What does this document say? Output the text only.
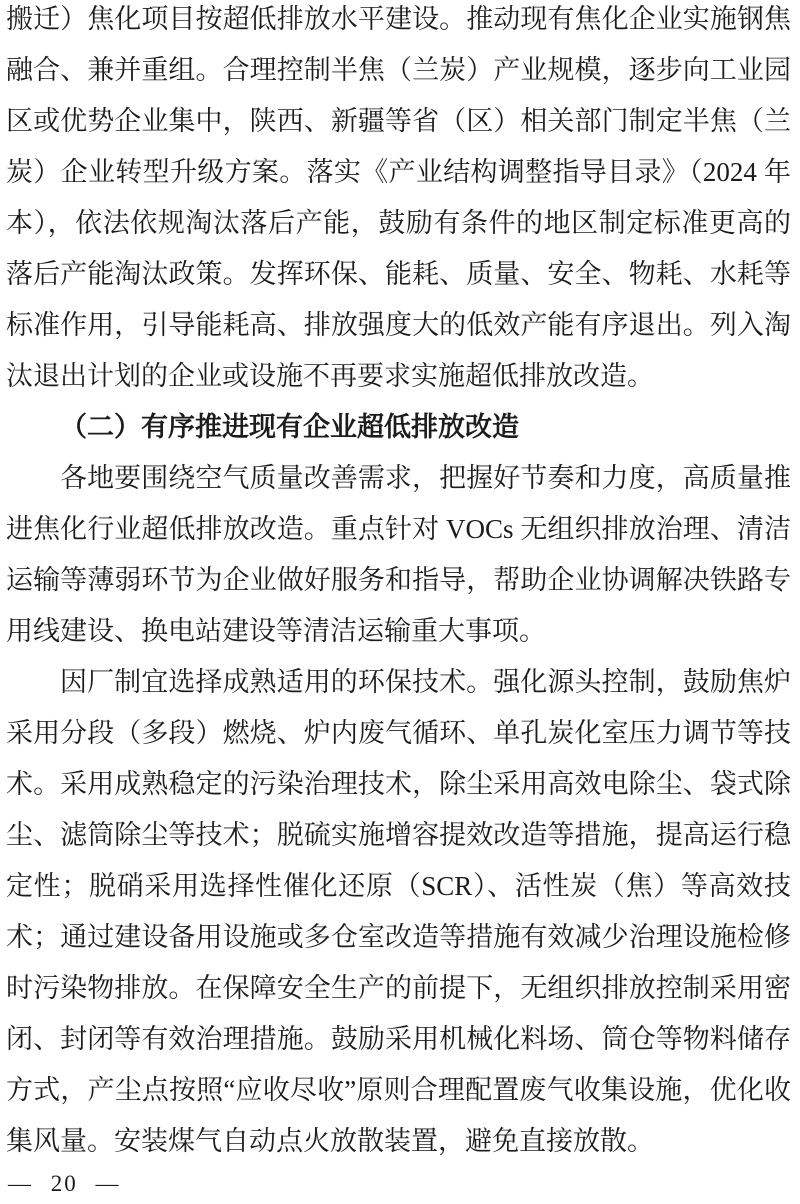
搬迁）焦化项目按超低排放水平建设。推动现有焦化企业实施钢焦融合、兼并重组。合理控制半焦（兰炭）产业规模，逐步向工业园区或优势企业集中，陕西、新疆等省（区）相关部门制定半焦（兰炭）企业转型升级方案。落实《产业结构调整指导目录》（2024 年本），依法依规淘汰落后产能，鼓励有条件的地区制定标准更高的落后产能淘汰政策。发挥环保、能耗、质量、安全、物耗、水耗等标准作用，引导能耗高、排放强度大的低效产能有序退出。列入淘汰退出计划的企业或设施不再要求实施超低排放改造。

（二）有序推进现有企业超低排放改造

各地要围绕空气质量改善需求，把握好节奏和力度，高质量推进焦化行业超低排放改造。重点针对 VOCs 无组织排放治理、清洁运输等薄弱环节为企业做好服务和指导，帮助企业协调解决铁路专用线建设、换电站建设等清洁运输重大事项。

因厂制宜选择成熟适用的环保技术。强化源头控制，鼓励焦炉采用分段（多段）燃烧、炉内废气循环、单孔炭化室压力调节等技术。采用成熟稳定的污染治理技术，除尘采用高效电除尘、袋式除尘、滤筒除尘等技术；脱硫实施增容提效改造等措施，提高运行稳定性；脱硝采用选择性催化还原（SCR）、活性炭（焦）等高效技术；通过建设备用设施或多仓室改造等措施有效减少治理设施检修时污染物排放。在保障安全生产的前提下，无组织排放控制采用密闭、封闭等有效治理措施。鼓励采用机械化料场、筒仓等物料储存方式，产尘点按照“应收尽收”原则合理配置废气收集设施，优化收集风量。安装煤气自动点火放散装置，避免直接放散。

— 20 —
